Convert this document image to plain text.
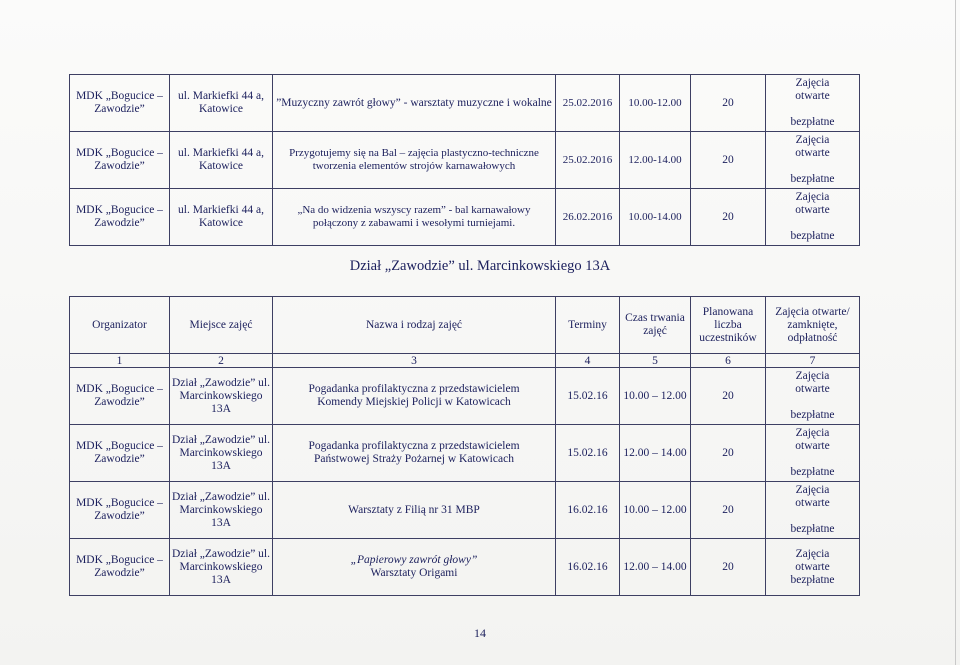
MDK „Bogucice – Zawodzie”	ul. Markiefki 44 a, Katowice	”Muzyczny zawrót głowy” - warsztaty muzyczne i wokalne	25.02.2016	10.00-12.00	20	Zajęcia
otwarte

bezpłatne
MDK „Bogucice – Zawodzie”	ul. Markiefki 44 a, Katowice	Przygotujemy się na Bal – zajęcia plastyczno-techniczne
tworzenia elementów strojów karnawałowych	25.02.2016	12.00-14.00	20	Zajęcia
otwarte

bezpłatne
MDK „Bogucice – Zawodzie”	ul. Markiefki 44 a, Katowice	„Na do widzenia wszyscy razem” - bal karnawałowy
połączony z zabawami i wesołymi turniejami.	26.02.2016	10.00-14.00	20	Zajęcia
otwarte

bezpłatne
Dział „Zawodzie” ul. Marcinkowskiego 13A
Organizator	Miejsce zajęć	Nazwa i rodzaj zajęć	Terminy	Czas trwania zajęć	Planowana liczba uczestników	Zajęcia otwarte/ zamknięte, odpłatność
1	2	3	4	5	6	7
MDK „Bogucice – Zawodzie”	Dział „Zawodzie” ul. Marcinkowskiego 13A	Pogadanka profilaktyczna z przedstawicielem
Komendy Miejskiej Policji w Katowicach	15.02.16	10.00 – 12.00	20	Zajęcia
otwarte

bezpłatne
MDK „Bogucice – Zawodzie”	Dział „Zawodzie” ul. Marcinkowskiego 13A	Pogadanka profilaktyczna z przedstawicielem
Państwowej Straży Pożarnej w Katowicach	15.02.16	12.00 – 14.00	20	Zajęcia
otwarte

bezpłatne
MDK „Bogucice – Zawodzie”	Dział „Zawodzie” ul. Marcinkowskiego 13A	Warsztaty z Filią nr 31 MBP	16.02.16	10.00 – 12.00	20	Zajęcia
otwarte

bezpłatne
MDK „Bogucice – Zawodzie”	Dział „Zawodzie” ul. Marcinkowskiego 13A	„Papierowy zawrót głowy”
Warsztaty Origami	16.02.16	12.00 – 14.00	20	Zajęcia
otwarte
bezpłatne
14
